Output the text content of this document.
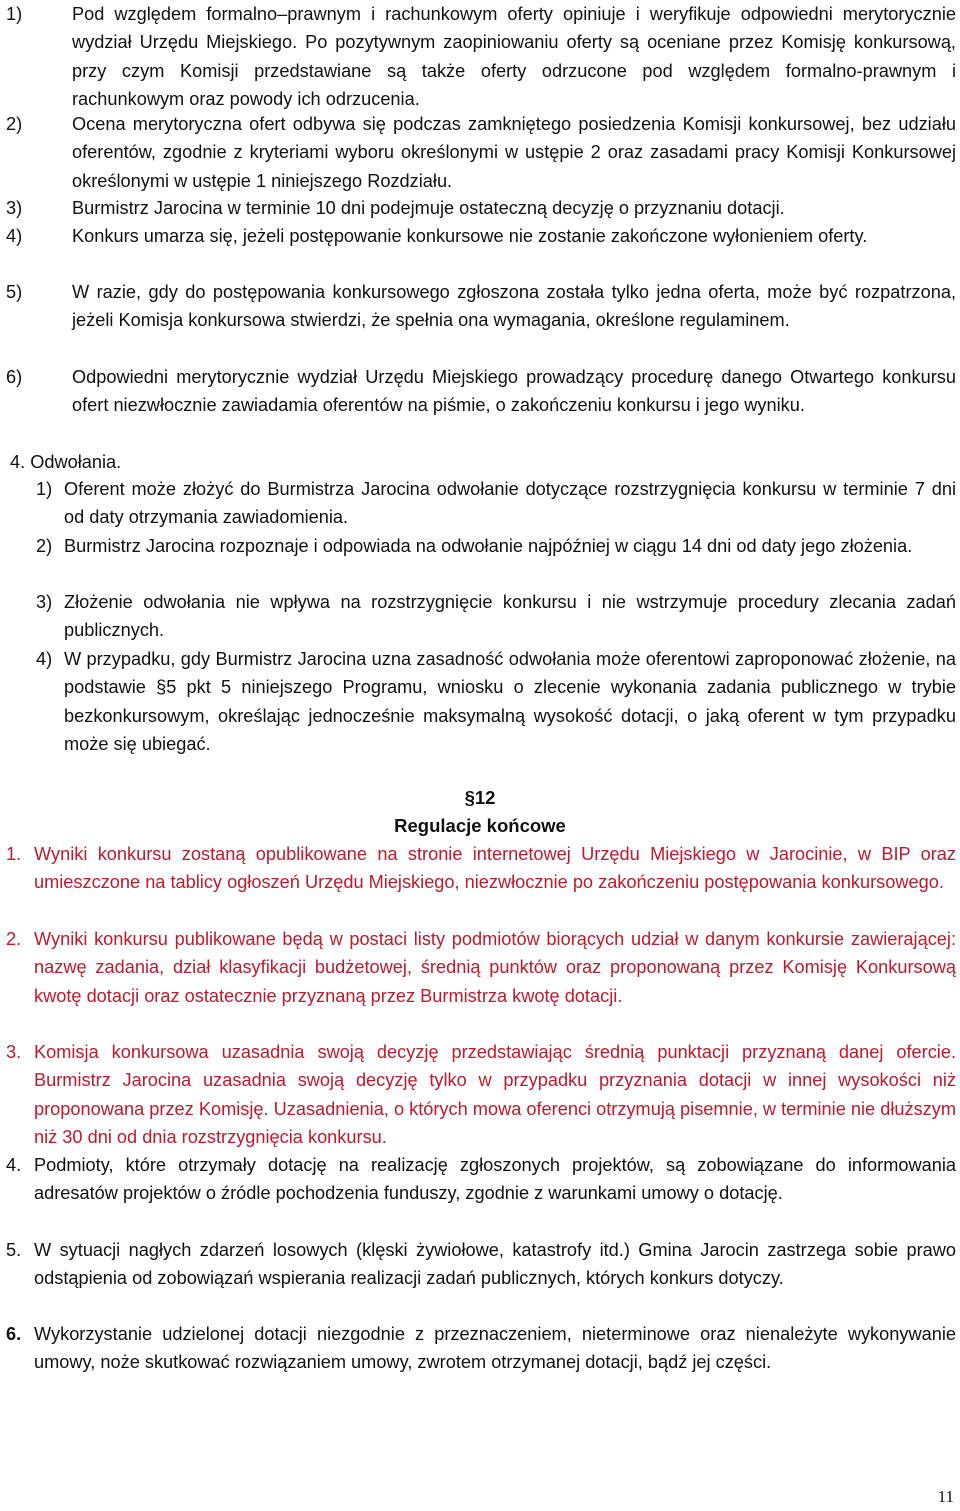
1)	Pod względem formalno–prawnym i rachunkowym oferty opiniuje i weryfikuje odpowiedni merytorycznie wydział Urzędu Miejskiego. Po pozytywnym zaopiniowaniu oferty są oceniane przez Komisję konkursową, przy czym Komisji przedstawiane są także oferty odrzucone pod względem formalno-prawnym i rachunkowym oraz powody ich odrzucenia.
2)	Ocena merytoryczna ofert odbywa się podczas zamkniętego posiedzenia Komisji konkursowej, bez udziału oferentów, zgodnie z kryteriami wyboru określonymi w ustępie 2 oraz zasadami pracy Komisji Konkursowej określonymi w ustępie 1 niniejszego Rozdziału.
3)	Burmistrz Jarocina w terminie 10 dni podejmuje ostateczną decyzję o przyznaniu dotacji.
4)	Konkurs umarza się, jeżeli postępowanie konkursowe nie zostanie zakończone wyłonieniem oferty.
5)	W razie, gdy do postępowania konkursowego zgłoszona została tylko jedna oferta, może być rozpatrzona, jeżeli Komisja konkursowa stwierdzi, że spełnia ona wymagania, określone regulaminem.
6)	Odpowiedni merytorycznie wydział Urzędu Miejskiego prowadzący procedurę danego Otwartego konkursu ofert niezwłocznie zawiadamia oferentów na piśmie, o zakończeniu konkursu i jego wyniku.
4. Odwołania.
1) Oferent może złożyć do Burmistrza Jarocina odwołanie dotyczące rozstrzygnięcia konkursu w terminie 7 dni od daty otrzymania zawiadomienia.
2) Burmistrz Jarocina rozpoznaje i odpowiada na odwołanie najpóźniej w ciągu 14 dni od daty jego złożenia.
3) Złożenie odwołania nie wpływa na rozstrzygnięcie konkursu i nie wstrzymuje procedury zlecania zadań publicznych.
4) W przypadku, gdy Burmistrz Jarocina uzna zasadność odwołania może oferentowi zaproponować złożenie, na podstawie §5 pkt 5 niniejszego Programu, wniosku o zlecenie wykonania zadania publicznego w trybie bezkonkursowym, określając jednocześnie maksymalną wysokość dotacji, o jaką oferent w tym przypadku może się ubiegać.
§12
Regulacje końcowe
1. Wyniki konkursu zostaną opublikowane na stronie internetowej Urzędu Miejskiego w Jarocinie, w BIP oraz umieszczone na tablicy ogłoszeń Urzędu Miejskiego, niezwłocznie po zakończeniu postępowania konkursowego.
2. Wyniki konkursu publikowane będą w postaci listy podmiotów biorących udział w danym konkursie zawierającej: nazwę zadania, dział klasyfikacji budżetowej, średnią punktów oraz proponowaną przez Komisję Konkursową kwotę dotacji oraz ostatecznie przyznaną przez Burmistrza kwotę dotacji.
3. Komisja konkursowa uzasadnia swoją decyzję przedstawiając średnią punktacji przyznaną danej ofercie. Burmistrz Jarocina uzasadnia swoją decyzję tylko w przypadku przyznania dotacji w innej wysokości niż proponowana przez Komisję. Uzasadnienia, o których mowa oferenci otrzymują pisemnie, w terminie nie dłuższym niż 30 dni od dnia rozstrzygnięcia konkursu.
4. Podmioty, które otrzymały dotację na realizację zgłoszonych projektów, są zobowiązane do informowania adresatów projektów o źródle pochodzenia funduszy, zgodnie z warunkami umowy o dotację.
5. W sytuacji nagłych zdarzeń losowych (klęski żywiołowe, katastrofy itd.) Gmina Jarocin zastrzega sobie prawo odstąpienia od zobowiązań wspierania realizacji zadań publicznych, których konkurs dotyczy.
6. Wykorzystanie udzielonej dotacji niezgodnie z przeznaczeniem, nieterminowe oraz nienależyte wykonywanie umowy, noże skutkować rozwiązaniem umowy, zwrotem otrzymanej dotacji, bądź jej części.
11
